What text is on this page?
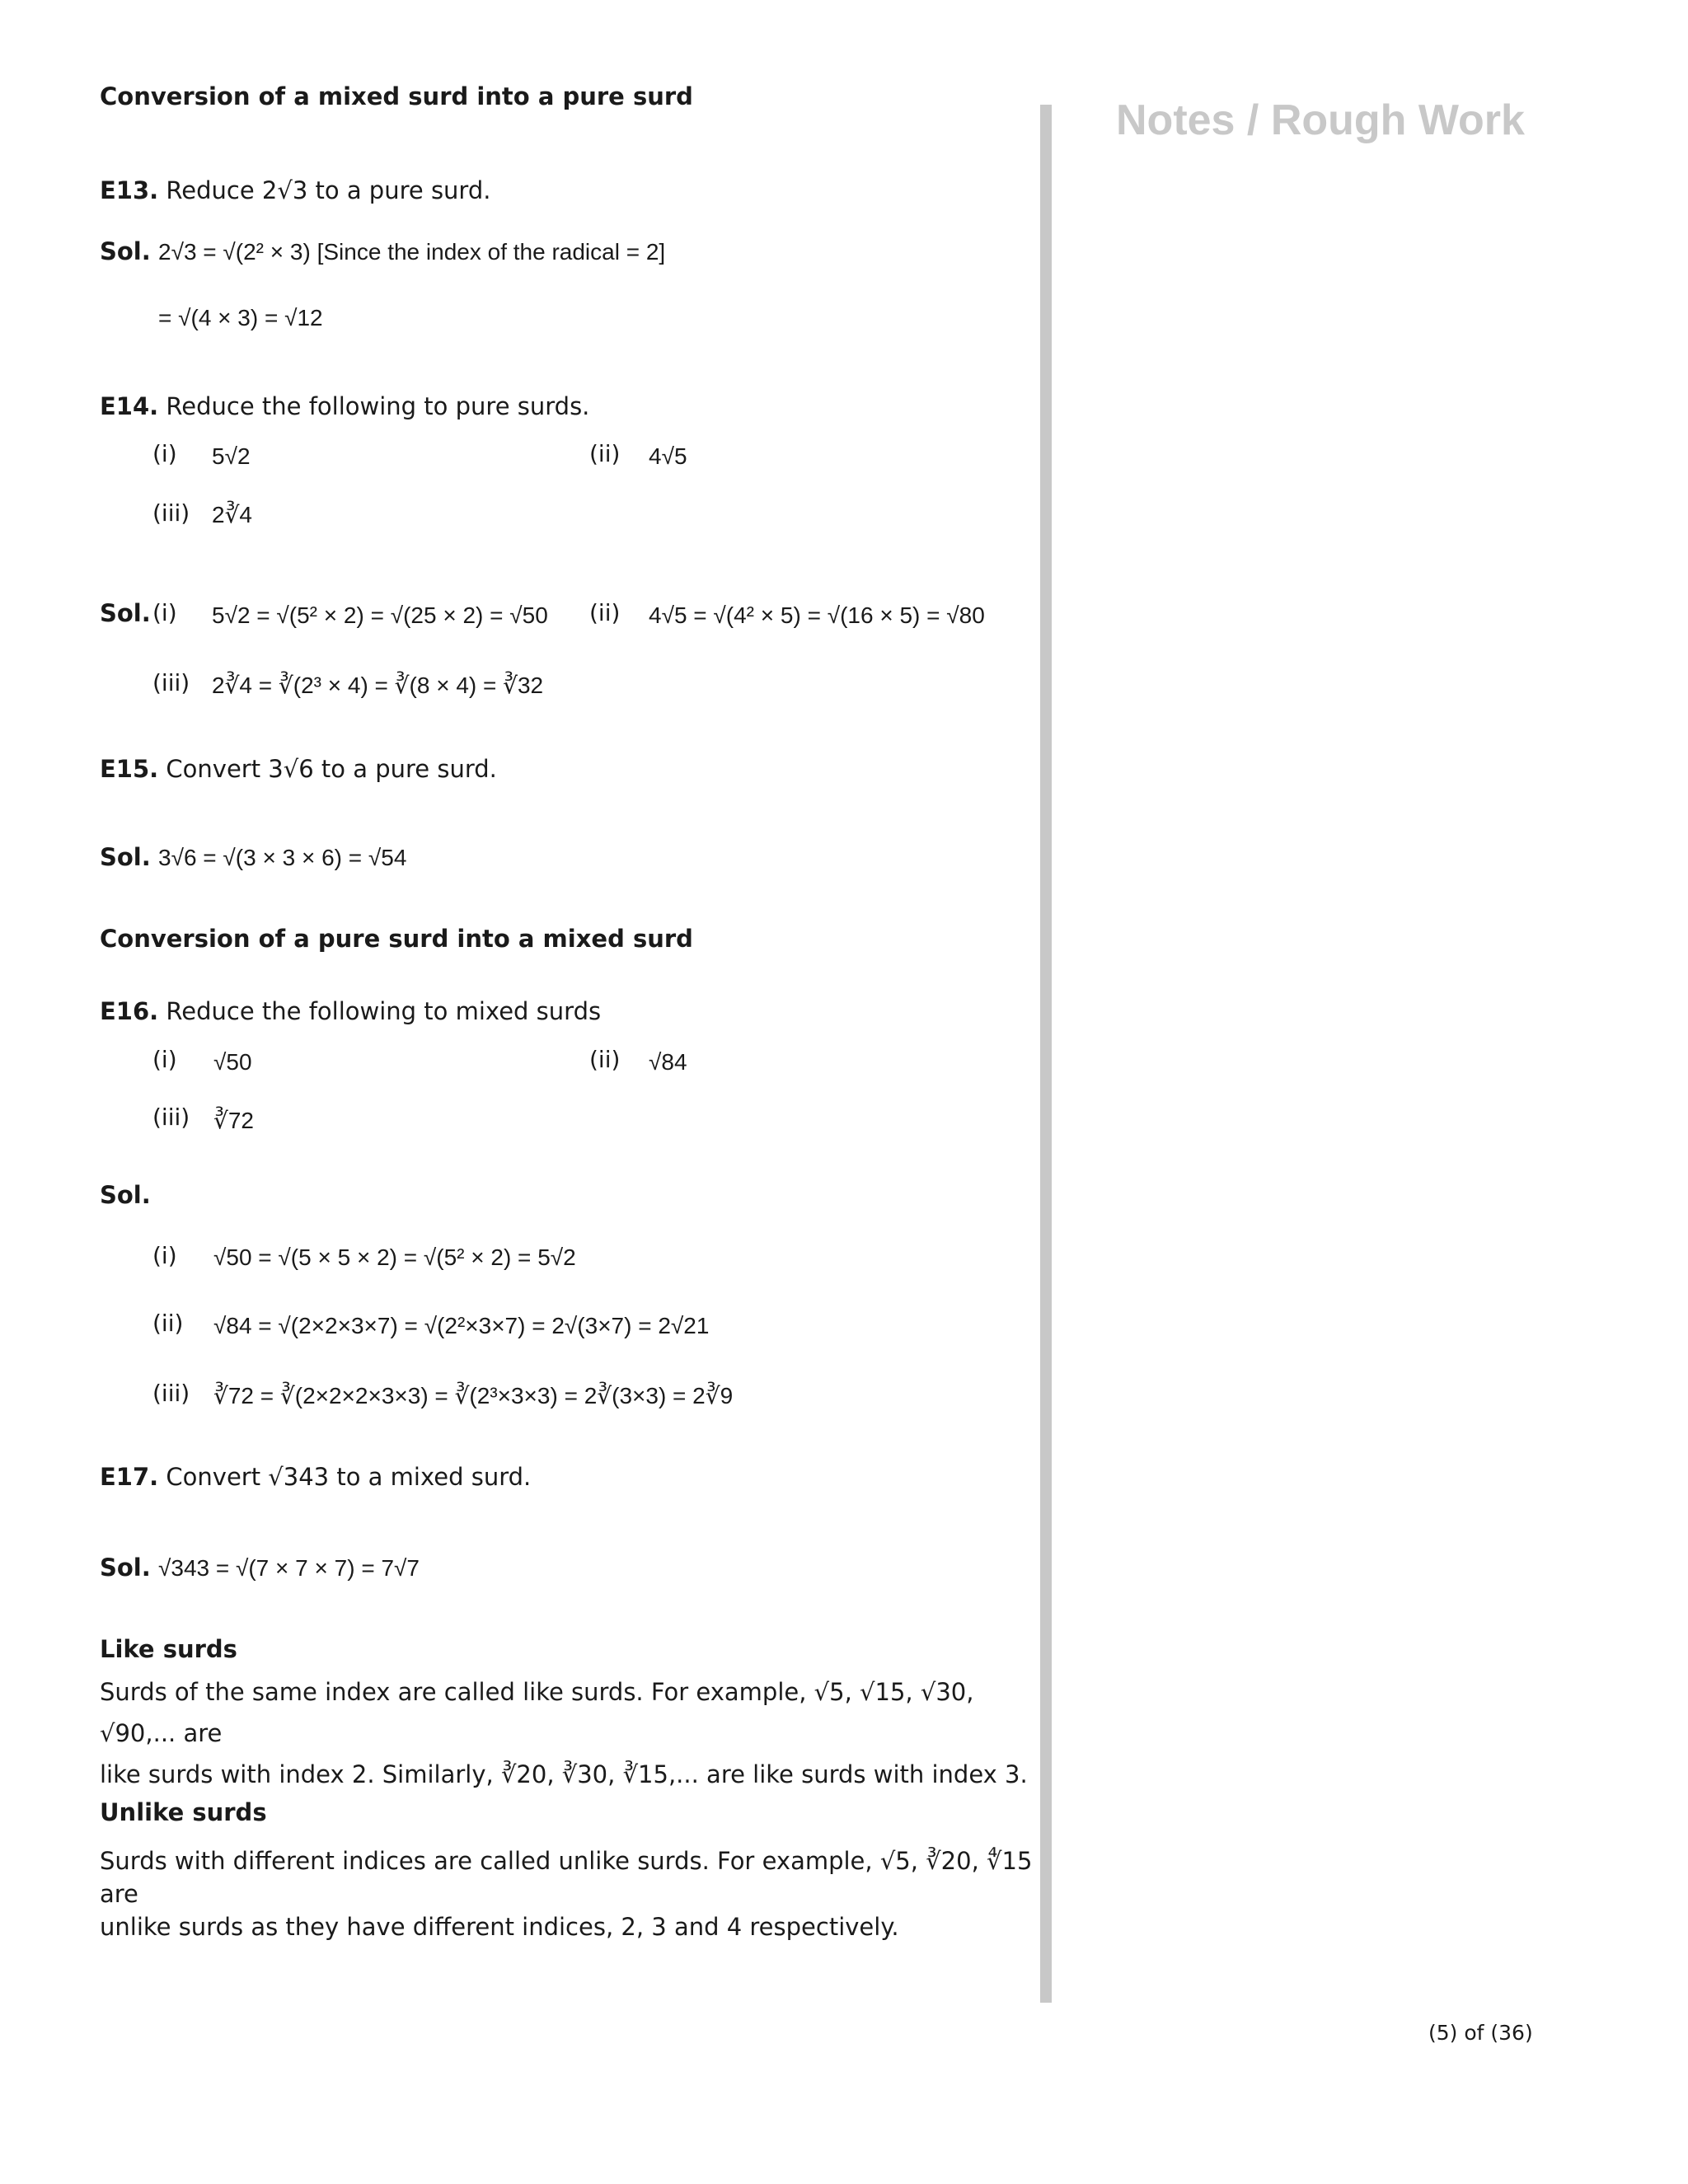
Notes / Rough Work
Conversion of a mixed surd into a pure surd
E13. Reduce 2√3 to a pure surd.
Sol. 2√3 = √(2² × 3) [Since the index of the radical = 2]
= √(4 × 3) = √12
E14. Reduce the following to pure surds.
(i) 5√2	(ii) 4√5
(iii) 2∛4
Sol. (i) 5√2 = √(5² × 2) = √(25 × 2) = √50 (ii) 4√5 = √(4² × 5) = √(16 × 5) = √80
(iii) 2∛4 = ∛(2³ × 4) = ∛(8 × 4) = ∛32
E15. Convert 3√6 to a pure surd.
Sol. 3√6 = √(3 × 3 × 6) = √54
Conversion of a pure surd into a mixed surd
E16. Reduce the following to mixed surds
(i) √50	(ii) √84
(iii) ∛72
Sol.
(i) √50 = √(5 × 5 × 2) = √(5² × 2) = 5√2
(ii) √84 = √(2×2×3×7) = √(2²×3×7) = 2√(3×7) = 2√21
(iii) ∛72 = ∛(2×2×2×3×3) = ∛(2³×3×3) = 2∛(3×3) = 2∛9
E17. Convert √343 to a mixed surd.
Sol. √343 = √(7 × 7 × 7) = 7√7
Like surds
Surds of the same index are called like surds. For example, √5, √15, √30, √90,... are
like surds with index 2. Similarly, ∛20, ∛30, ∛15,... are like surds with index 3.
Unlike surds
Surds with different indices are called unlike surds. For example, √5, ∛20, ∜15 are
unlike surds as they have different indices, 2, 3 and 4 respectively.
(5) of (36)
